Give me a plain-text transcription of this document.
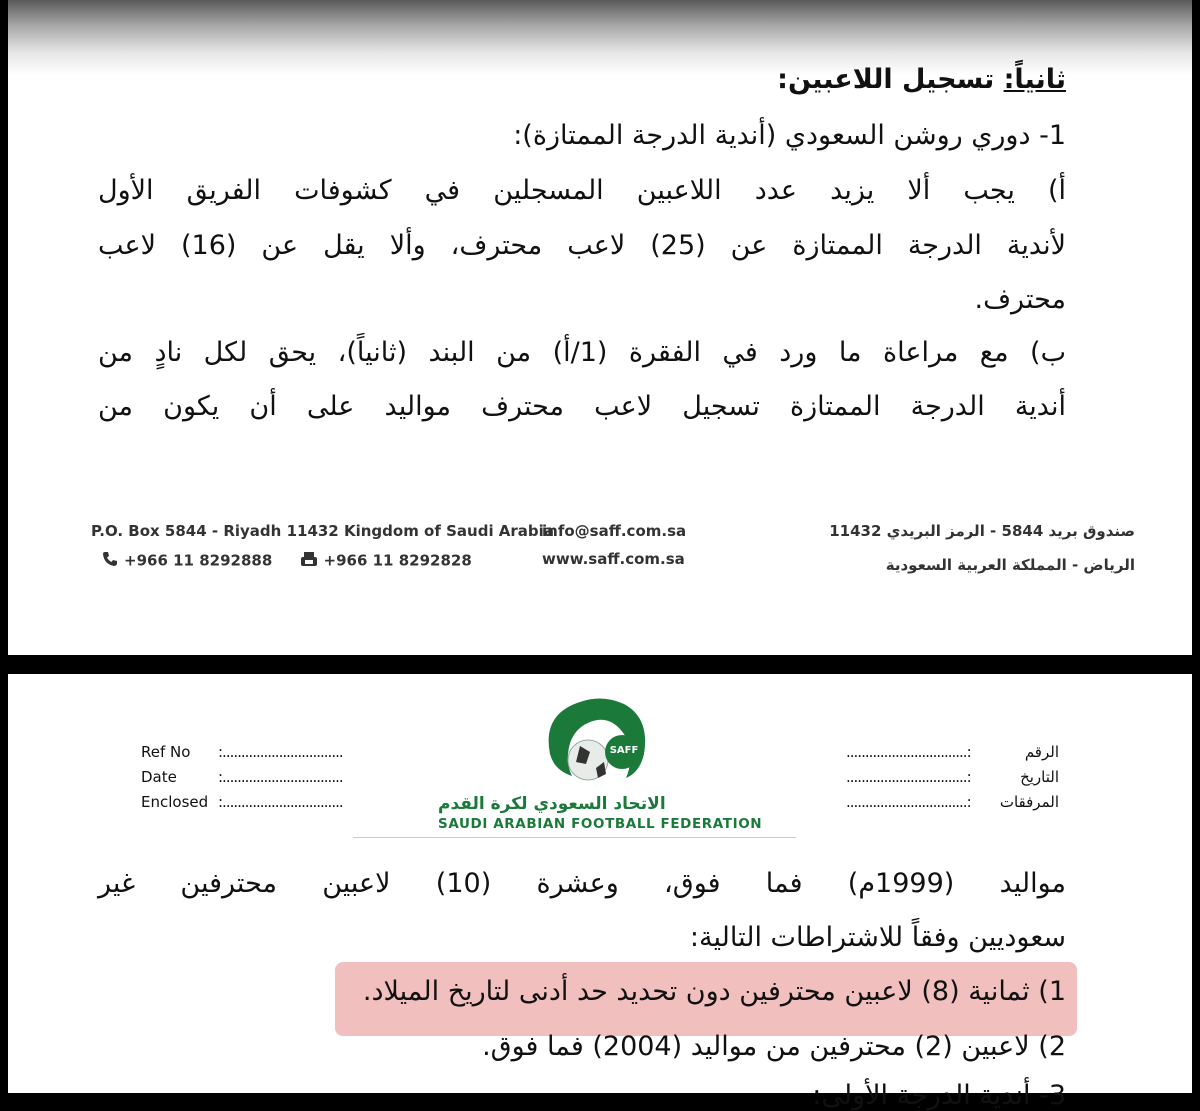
ثانياً: تسجيل اللاعبين:
1- دوري روشن السعودي (أندية الدرجة الممتازة):
أ) يجب ألا يزيد عدد اللاعبين المسجلين في كشوفات الفريق الأول
لأندية الدرجة الممتازة عن (25) لاعب محترف، وألا يقل عن (16) لاعب
محترف.
ب) مع مراعاة ما ورد في الفقرة (1/أ) من البند (ثانياً)، يحق لكل نادٍ من
أندية الدرجة الممتازة تسجيل لاعب محترف مواليد على أن يكون من
P.O. Box 5844 - Riyadh 11432 Kingdom of Saudi Arabia
+966 11 8292888	+966 11 8292828
info@saff.com.sa
www.saff.com.sa
صندوق بريد 5844 - الرمز البريدي 11432
الرياض - المملكة العربية السعودية
Ref No :................................
Date	:................................
Enclosed :................................
الرقم
................................:
التاريخ
................................:
المرفقات
................................:
SAFF
الاتحاد السعودي لكرة القدم
SAUDI ARABIAN FOOTBALL FEDERATION
مواليد (1999م) فما فوق، وعشرة (10) لاعبين محترفين غير
سعوديين وفقاً للاشتراطات التالية:
1) ثمانية (8) لاعبين محترفين دون تحديد حد أدنى لتاريخ الميلاد.
2) لاعبين (2) محترفين من مواليد (2004) فما فوق.
3- أندية الدرجة الأولى:
